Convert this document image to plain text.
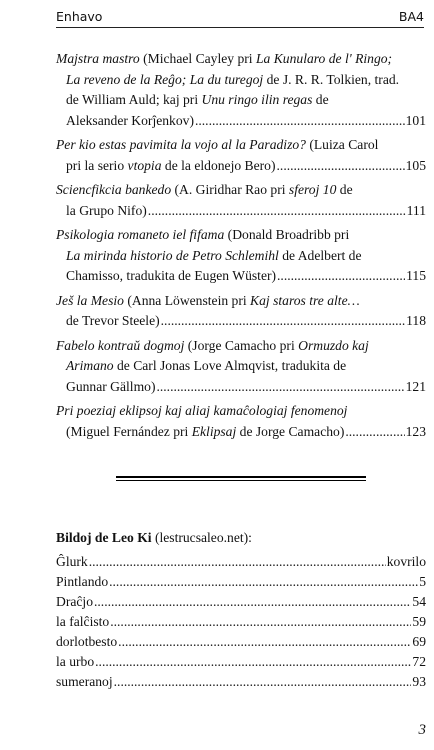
Enhavo	BA4
Majstra mastro (Michael Cayley pri La Kunularo de l' Ringo;
La reveno de la Reĝo; La du turegoj de J. R. R. Tolkien, trad.
de William Auld; kaj pri Unu ringo ilin regas de
Aleksander Korĵenkov) .....	101
Per kio estas pavimita la vojo al la Paradizo? (Luiza Carol
pri la serio vtopia de la eldonejo Bero) .....	105
Sciencfikcia bankedo (A. Giridhar Rao pri sferoj 10 de
la Grupo Nifo) .....	111
Psikologia romaneto iel fifama (Donald Broadribb pri
La mirinda historio de Petro Schlemihl de Adelbert de
Chamisso, tradukita de Eugen Wüster) .....	115
Ješ la Mesio (Anna Löwenstein pri Kaj staros tre alte…
de Trevor Steele) .....	118
Fabelo kontraŭ dogmoj (Jorge Camacho pri Ormuzdo kaj
Arimano de Carl Jonas Love Almqvist, tradukita de
Gunnar Gällmo) .....	121
Pri poeziaj eklipsoj kaj aliaj kamaĉologiaj fenomenoj
(Miguel Fernández pri Eklipsaj de Jorge Camacho) .....	123
Bildoj de Leo Ki (lestrucsaleo.net):
Ĝlurk .....	kovrilo
Pintlando .....	5
Draĉjo .....	54
la falĉisto .....	59
dorlotbesto .....	69
la urbo .....	72
sumeranoj .....	93
3
